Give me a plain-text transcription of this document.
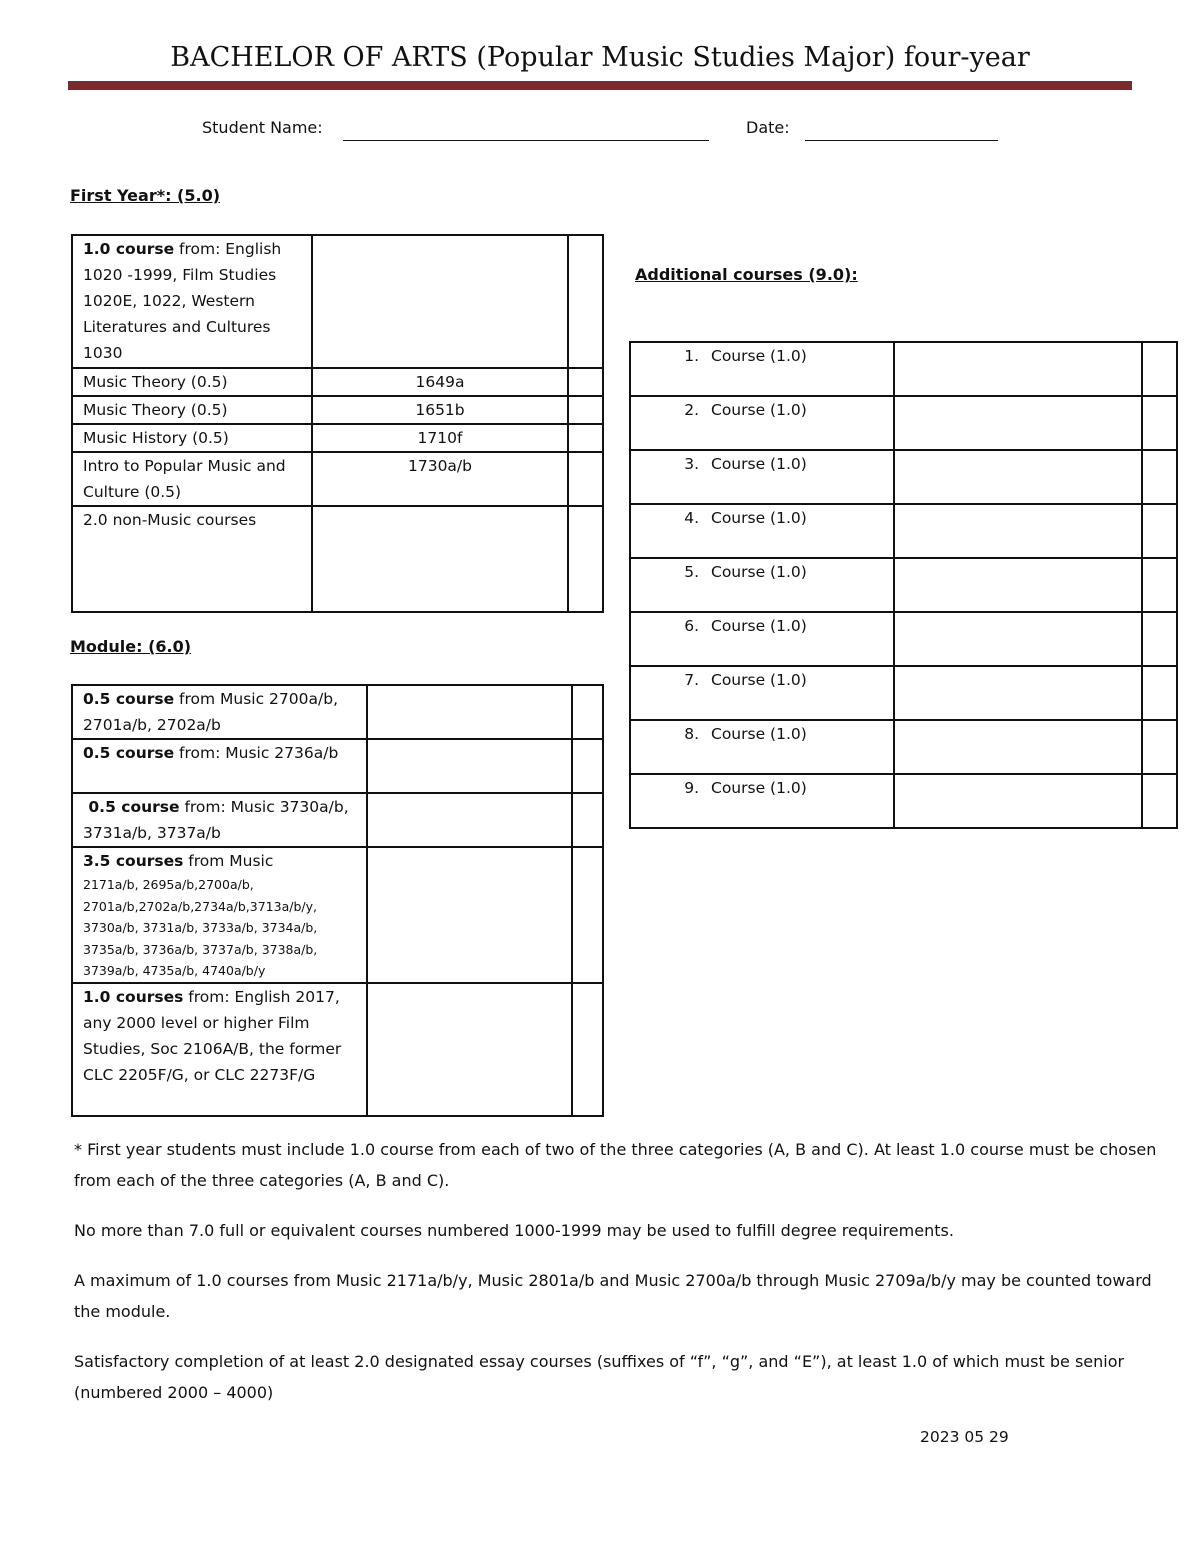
BACHELOR OF ARTS (Popular Music Studies Major) four-year
Student Name:	Date:
First Year*: (5.0)
1.0 course from: English 1020 -1999, Film Studies 1020E, 1022, Western Literatures and Cultures 1030		
Music Theory (0.5)	1649a	
Music Theory (0.5)	1651b	
Music History (0.5)	1710f	
Intro to Popular Music and Culture (0.5)	1730a/b	
2.0 non-Music courses		
Module: (6.0)
0.5 course from Music 2700a/b, 2701a/b, 2702a/b		
0.5 course from: Music 2736a/b		
0.5 course from: Music 3730a/b, 3731a/b, 3737a/b		
3.5 courses from Music
2171a/b, 2695a/b,2700a/b, 2701a/b,2702a/b,2734a/b,3713a/b/y, 3730a/b, 3731a/b, 3733a/b, 3734a/b, 3735a/b, 3736a/b, 3737a/b, 3738a/b, 3739a/b, 4735a/b, 4740a/b/y		

1.0 courses from: English 2017, any 2000 level or higher Film Studies, Soc 2106A/B, the former CLC 2205F/G, or CLC 2273F/G		
Additional courses (9.0):
1. Course (1.0)		
2. Course (1.0)		
3. Course (1.0)		
4. Course (1.0)		
5. Course (1.0)		
6. Course (1.0)		
7. Course (1.0)		
8. Course (1.0)		
9. Course (1.0)		

* First year students must include 1.0 course from each of two of the three categories (A, B and C). At least 1.0 course must be chosen from each of the three categories (A, B and C).

No more than 7.0 full or equivalent courses numbered 1000-1999 may be used to fulfill degree requirements.

A maximum of 1.0 courses from Music 2171a/b/y, Music 2801a/b and Music 2700a/b through Music 2709a/b/y may be counted toward the module.

Satisfactory completion of at least 2.0 designated essay courses (suffixes of “f”, “g”, and “E”), at least 1.0 of which must be senior (numbered 2000 – 4000)

2023 05 29
